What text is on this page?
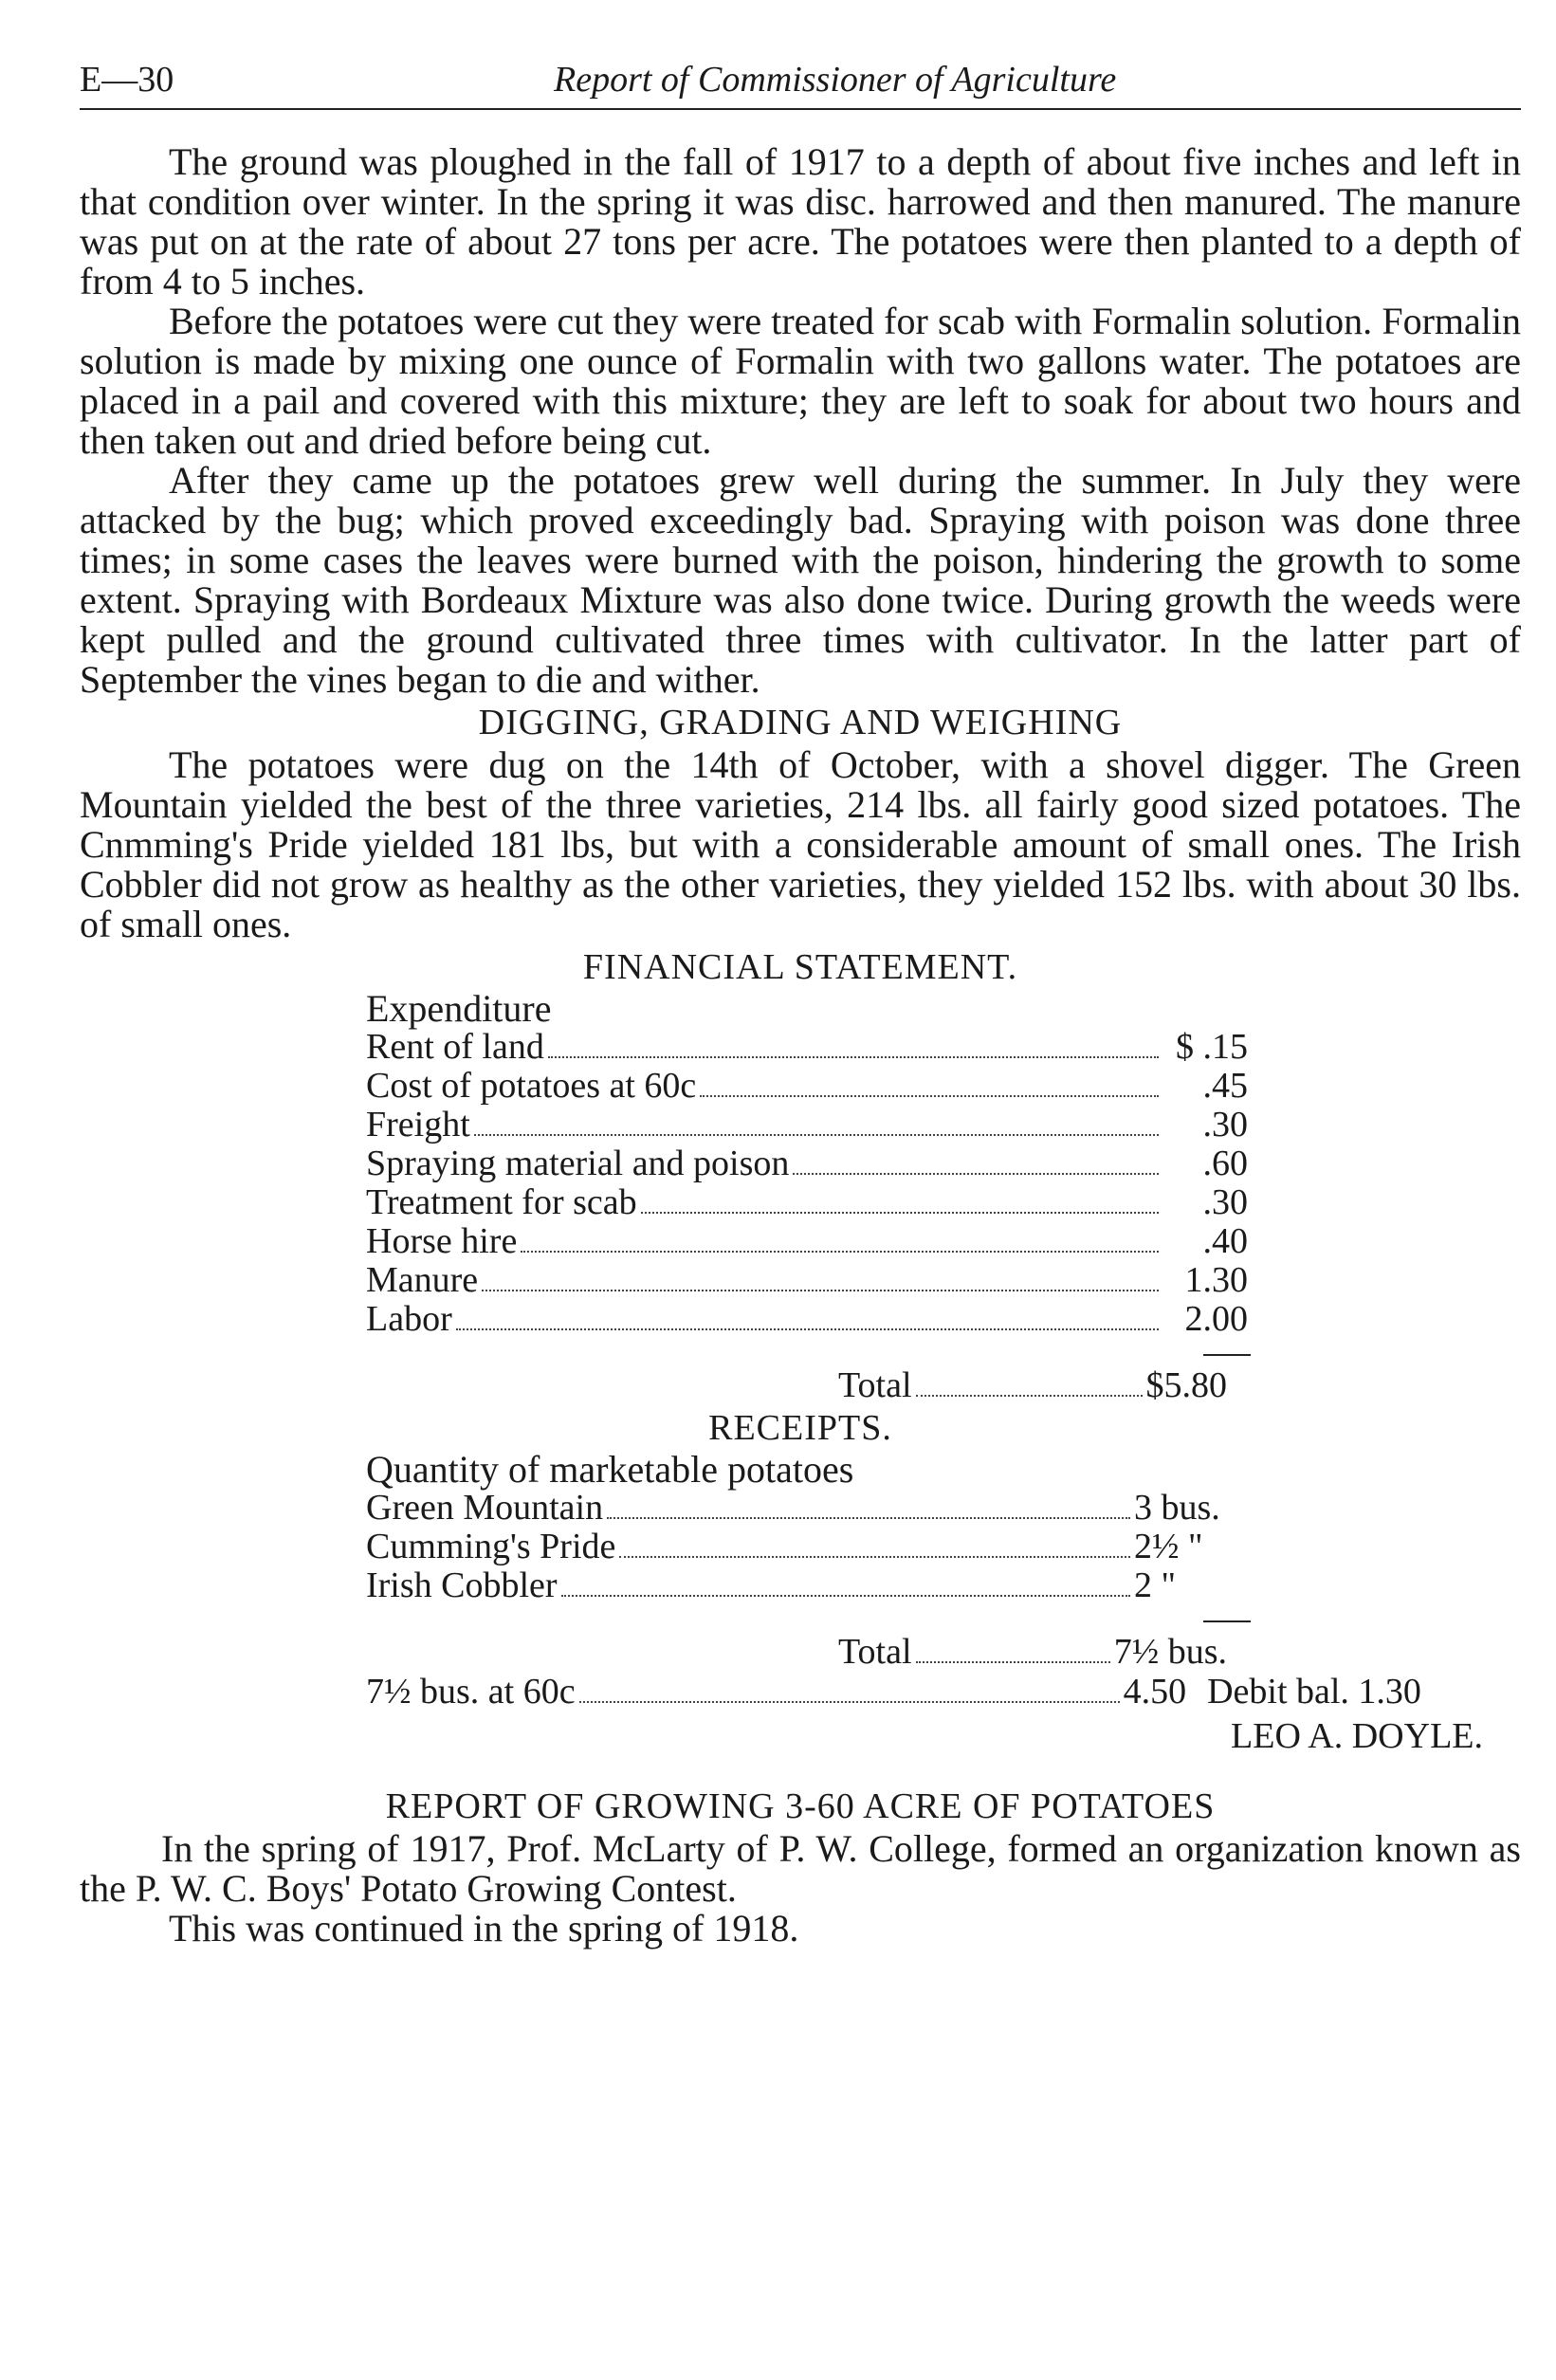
E—30	Report of Commissioner of Agriculture

The ground was ploughed in the fall of 1917 to a depth of about five inches and left in that condition over winter. In the spring it was disc. harrowed and then manured. The manure was put on at the rate of about 27 tons per acre. The potatoes were then planted to a depth of from 4 to 5 inches.

Before the potatoes were cut they were treated for scab with Formalin solution. Formalin solution is made by mixing one ounce of Formalin with two gallons water. The potatoes are placed in a pail and covered with this mixture; they are left to soak for about two hours and then taken out and dried before being cut.

After they came up the potatoes grew well during the summer. In July they were attacked by the bug; which proved exceedingly bad. Spraying with poison was done three times; in some cases the leaves were burned with the poison, hindering the growth to some extent. Spraying with Bordeaux Mixture was also done twice. During growth the weeds were kept pulled and the ground cultivated three times with cultivator. In the latter part of September the vines began to die and wither.

DIGGING, GRADING AND WEIGHING

The potatoes were dug on the 14th of October, with a shovel digger. The Green Mountain yielded the best of the three varieties, 214 lbs. all fairly good sized potatoes. The Cnmming's Pride yielded 181 lbs, but with a considerable amount of small ones. The Irish Cobbler did not grow as healthy as the other varieties, they yielded 152 lbs. with about 30 lbs. of small ones.

FINANCIAL STATEMENT.
Expenditure
Rent of land	$ .15
Cost of potatoes at 60c	.45
Freight	.30
Spraying material and poison	.60
Treatment for scab	.30
Horse hire	.40
Manure	1.30
Labor	2.00
Total	$5.80
RECEIPTS.
Quantity of marketable potatoes
Green Mountain	3 bus.
Cumming's Pride	2½ "
Irish Cobbler	2 "
Total	7½ bus.
7½ bus. at 60c	4.50 Debit bal. 1.30
LEO A. DOYLE.
REPORT OF GROWING 3-60 ACRE OF POTATOES

In the spring of 1917, Prof. McLarty of P. W. College, formed an organization known as the P. W. C. Boys' Potato Growing Contest.

This was continued in the spring of 1918.
